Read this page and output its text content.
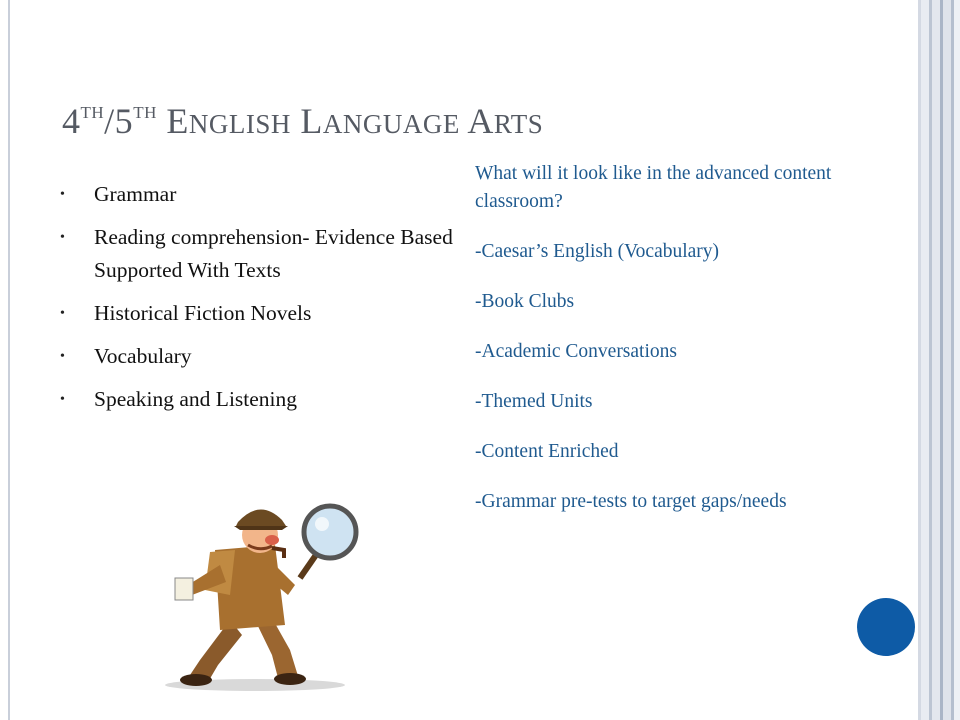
4TH/5TH ENGLISH LANGUAGE ARTS
• Grammar
• Reading comprehension- Evidence Based Supported With Texts
• Historical Fiction Novels
• Vocabulary
• Speaking and Listening

What will it look like in the advanced content classroom?

-Caesar’s English (Vocabulary)

-Book Clubs

-Academic Conversations

-Themed Units

-Content Enriched

-Grammar pre-tests to target gaps/needs
